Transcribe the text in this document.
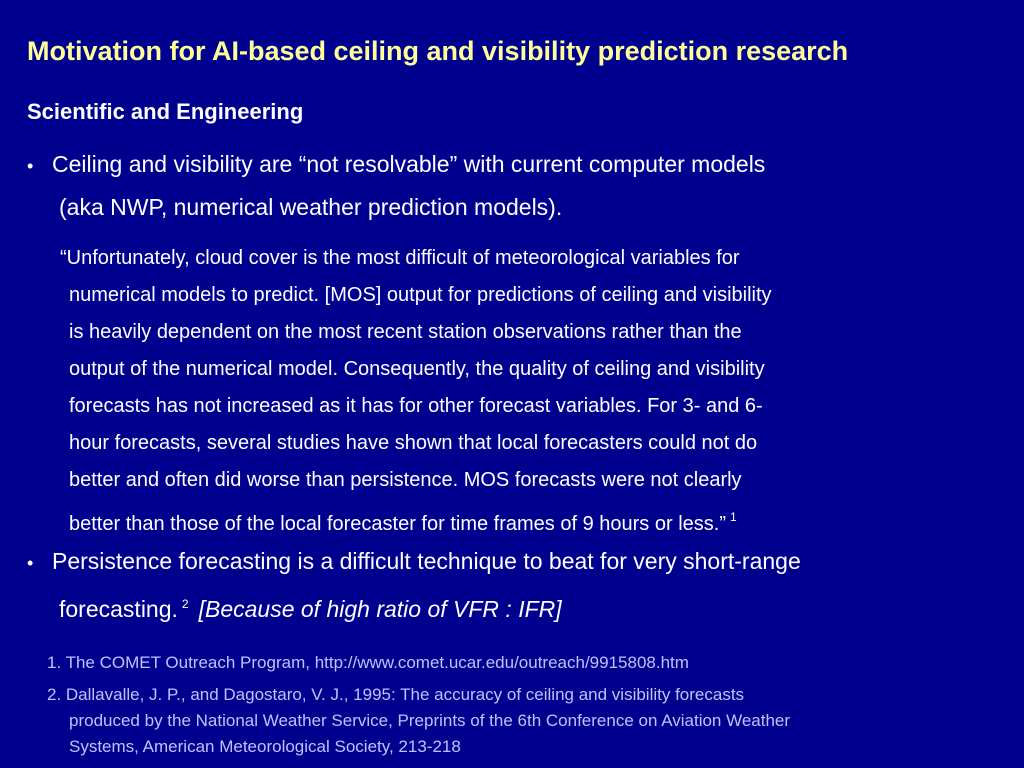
Motivation for AI-based ceiling and visibility prediction research
Scientific and Engineering
• Ceiling and visibility are “not resolvable” with current computer models
(aka NWP, numerical weather prediction models).
“Unfortunately, cloud cover is the most difficult of meteorological variables for
numerical models to predict. [MOS] output for predictions of ceiling and visibility
is heavily dependent on the most recent station observations rather than the
output of the numerical model. Consequently, the quality of ceiling and visibility
forecasts has not increased as it has for other forecast variables. For 3- and 6-
hour forecasts, several studies have shown that local forecasters could not do
better and often did worse than persistence. MOS forecasts were not clearly
better than those of the local forecaster for time frames of 9 hours or less.” $^1$
• Persistence forecasting is a difficult technique to beat for very short-range
forecasting. $^2$ [Because of high ratio of VFR : IFR]
1. The COMET Outreach Program, http://www.comet.ucar.edu/outreach/9915808.htm
2. Dallavalle, J. P., and Dagostaro, V. J., 1995: The accuracy of ceiling and visibility forecasts
produced by the National Weather Service, Preprints of the 6th Conference on Aviation Weather
Systems, American Meteorological Society, 213-218
